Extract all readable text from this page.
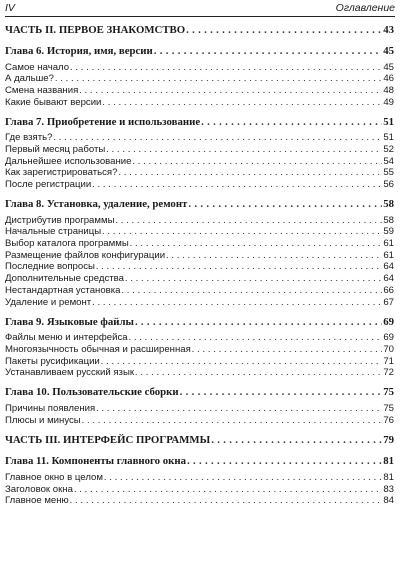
IV	Оглавление
ЧАСТЬ II. ПЕРВОЕ ЗНАКОМСТВО . . .	43
Глава 6. История, имя, версии . . .	45
Самое начало . . .	45
А дальше? . . .	46
Смена названия . . .	48
Какие бывают версии . . .	49
Глава 7. Приобретение и использование . . .	51
Где взять? . . .	51
Первый месяц работы . . .	52
Дальнейшее использование . . .	54
Как зарегистрироваться? . . .	55
После регистрации . . .	56
Глава 8. Установка, удаление, ремонт . . .	58
Дистрибутив программы . . .	58
Начальные страницы . . .	59
Выбор каталога программы . . .	61
Размещение файлов конфигурации . . .	61
Последние вопросы . . .	64
Дополнительные средства . . .	64
Нестандартная установка . . .	66
Удаление и ремонт . . .	67
Глава 9. Языковые файлы . . .	69
Файлы меню и интерфейса . . .	69
Многоязычность обычная и расширенная . . .	70
Пакеты русификации . . .	71
Устанавливаем русский язык . . .	72
Глава 10. Пользовательские сборки . . .	75
Причины появления . . .	75
Плюсы и минусы . . .	76
ЧАСТЬ III. ИНТЕРФЕЙС ПРОГРАММЫ . . .	79
Глава 11. Компоненты главного окна . . .	81
Главное окно в целом . . .	81
Заголовок окна . . .	83
Главное меню . . .	84
